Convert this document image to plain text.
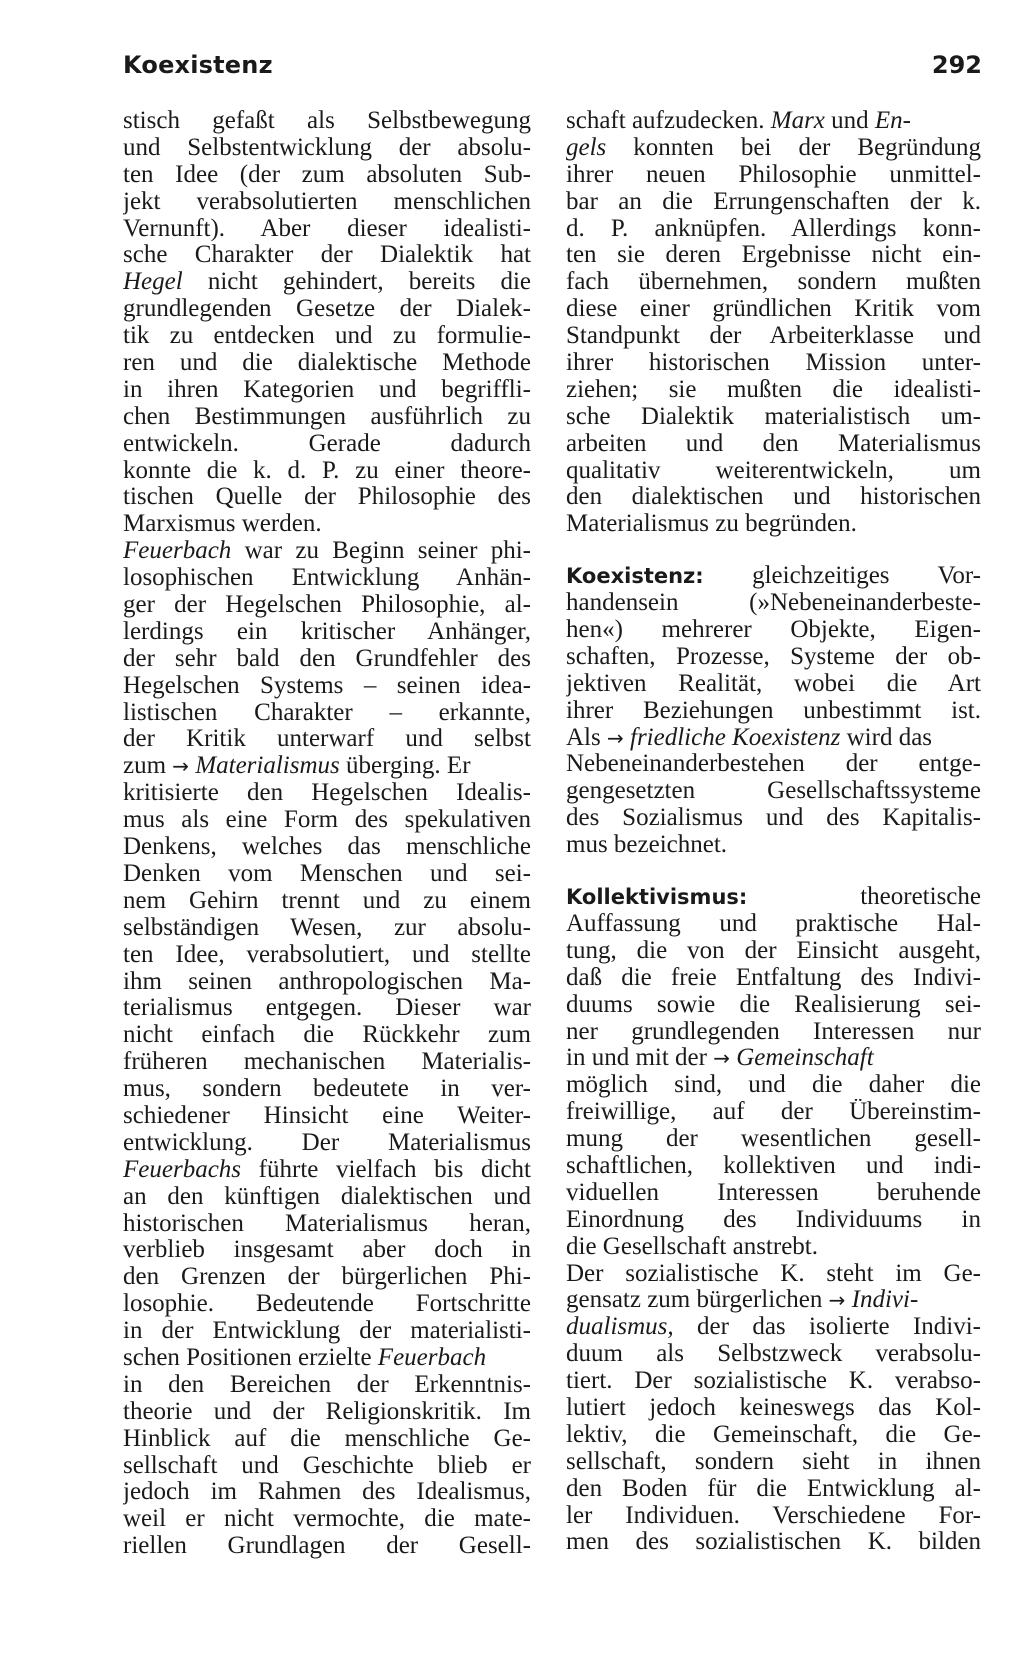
Koexistenz	292
stisch gefaßt als Selbstbewegung
und Selbstentwicklung der absolu-
ten Idee (der zum absoluten Sub-
jekt verabsolutierten menschlichen
Vernunft). Aber dieser idealisti-
sche Charakter der Dialektik hat
Hegel nicht gehindert, bereits die
grundlegenden Gesetze der Dialek-
tik zu entdecken und zu formulie-
ren und die dialektische Methode
in ihren Kategorien und begriffli-
chen Bestimmungen ausführlich zu
entwickeln. Gerade dadurch
konnte die k. d. P. zu einer theore-
tischen Quelle der Philosophie des
Marxismus werden.
Feuerbach war zu Beginn seiner phi-
losophischen Entwicklung Anhän-
ger der Hegelschen Philosophie, al-
lerdings ein kritischer Anhänger,
der sehr bald den Grundfehler des
Hegelschen Systems – seinen idea-
listischen Charakter – erkannte,
der Kritik unterwarf und selbst
zum → Materialismus überging. Er
kritisierte den Hegelschen Idealis-
mus als eine Form des spekulativen
Denkens, welches das menschliche
Denken vom Menschen und sei-
nem Gehirn trennt und zu einem
selbständigen Wesen, zur absolu-
ten Idee, verabsolutiert, und stellte
ihm seinen anthropologischen Ma-
terialismus entgegen. Dieser war
nicht einfach die Rückkehr zum
früheren mechanischen Materialis-
mus, sondern bedeutete in ver-
schiedener Hinsicht eine Weiter-
entwicklung. Der Materialismus
Feuerbachs führte vielfach bis dicht
an den künftigen dialektischen und
historischen Materialismus heran,
verblieb insgesamt aber doch in
den Grenzen der bürgerlichen Phi-
losophie. Bedeutende Fortschritte
in der Entwicklung der materialisti-
schen Positionen erzielte Feuerbach
in den Bereichen der Erkenntnis-
theorie und der Religionskritik. Im
Hinblick auf die menschliche Ge-
sellschaft und Geschichte blieb er
jedoch im Rahmen des Idealismus,
weil er nicht vermochte, die mate-
riellen Grundlagen der Gesell-
schaft aufzudecken. Marx und En-
gels konnten bei der Begründung
ihrer neuen Philosophie unmittel-
bar an die Errungenschaften der k.
d. P. anknüpfen. Allerdings konn-
ten sie deren Ergebnisse nicht ein-
fach übernehmen, sondern mußten
diese einer gründlichen Kritik vom
Standpunkt der Arbeiterklasse und
ihrer historischen Mission unter-
ziehen; sie mußten die idealisti-
sche Dialektik materialistisch um-
arbeiten und den Materialismus
qualitativ weiterentwickeln, um
den dialektischen und historischen
Materialismus zu begründen.
Koexistenz: gleichzeitiges Vor-
handensein (»Nebeneinanderbeste-
hen«) mehrerer Objekte, Eigen-
schaften, Prozesse, Systeme der ob-
jektiven Realität, wobei die Art
ihrer Beziehungen unbestimmt ist.
Als → friedliche Koexistenz wird das
Nebeneinanderbestehen der entge-
gengesetzten Gesellschaftssysteme
des Sozialismus und des Kapitalis-
mus bezeichnet.
Kollektivismus: theoretische
Auffassung und praktische Hal-
tung, die von der Einsicht ausgeht,
daß die freie Entfaltung des Indivi-
duums sowie die Realisierung sei-
ner grundlegenden Interessen nur
in und mit der → Gemeinschaft
möglich sind, und die daher die
freiwillige, auf der Übereinstim-
mung der wesentlichen gesell-
schaftlichen, kollektiven und indi-
viduellen Interessen beruhende
Einordnung des Individuums in
die Gesellschaft anstrebt.
Der sozialistische K. steht im Ge-
gensatz zum bürgerlichen → Indivi-
dualismus, der das isolierte Indivi-
duum als Selbstzweck verabsolu-
tiert. Der sozialistische K. verabso-
lutiert jedoch keineswegs das Kol-
lektiv, die Gemeinschaft, die Ge-
sellschaft, sondern sieht in ihnen
den Boden für die Entwicklung al-
ler Individuen. Verschiedene For-
men des sozialistischen K. bilden
